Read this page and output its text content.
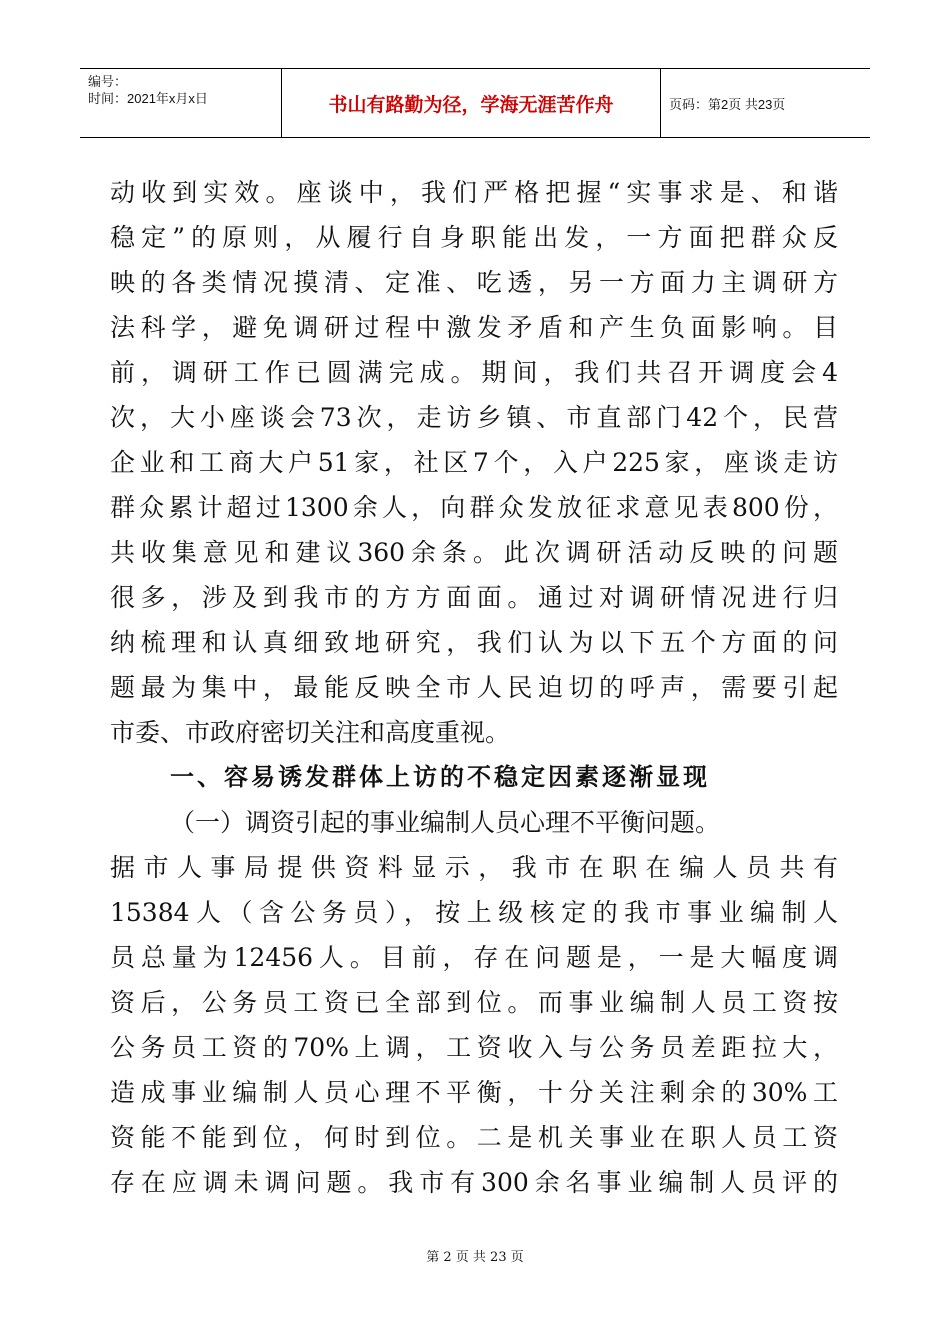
编号：
时间：2021年x月x日	书山有路勤为径，学海无涯苦作舟	页码：第2页 共23页
动收到实效。座谈中，我们严格把握“实事求是、和谐
稳定”的原则，从履行自身职能出发，一方面把群众反
映的各类情况摸清、定准、吃透，另一方面力主调研方
法科学，避免调研过程中激发矛盾和产生负面影响。目
前，调研工作已圆满完成。期间，我们共召开调度会4
次，大小座谈会73次，走访乡镇、市直部门42个，民营
企业和工商大户51家，社区7个，入户225家，座谈走访
群众累计超过1300余人，向群众发放征求意见表800份，
共收集意见和建议360余条。此次调研活动反映的问题
很多，涉及到我市的方方面面。通过对调研情况进行归
纳梳理和认真细致地研究，我们认为以下五个方面的问
题最为集中，最能反映全市人民迫切的呼声，需要引起
市委、市政府密切关注和高度重视。
一、容易诱发群体上访的不稳定因素逐渐显现
（一）调资引起的事业编制人员心理不平衡问题。
据市人事局提供资料显示，我市在职在编人员共有
15384人（含公务员），按上级核定的我市事业编制人
员总量为12456人。目前，存在问题是，一是大幅度调
资后，公务员工资已全部到位。而事业编制人员工资按
公务员工资的70%上调，工资收入与公务员差距拉大，
造成事业编制人员心理不平衡，十分关注剩余的30%工
资能不能到位，何时到位。二是机关事业在职人员工资
存在应调未调问题。我市有300余名事业编制人员评的
第 2 页 共 23 页
